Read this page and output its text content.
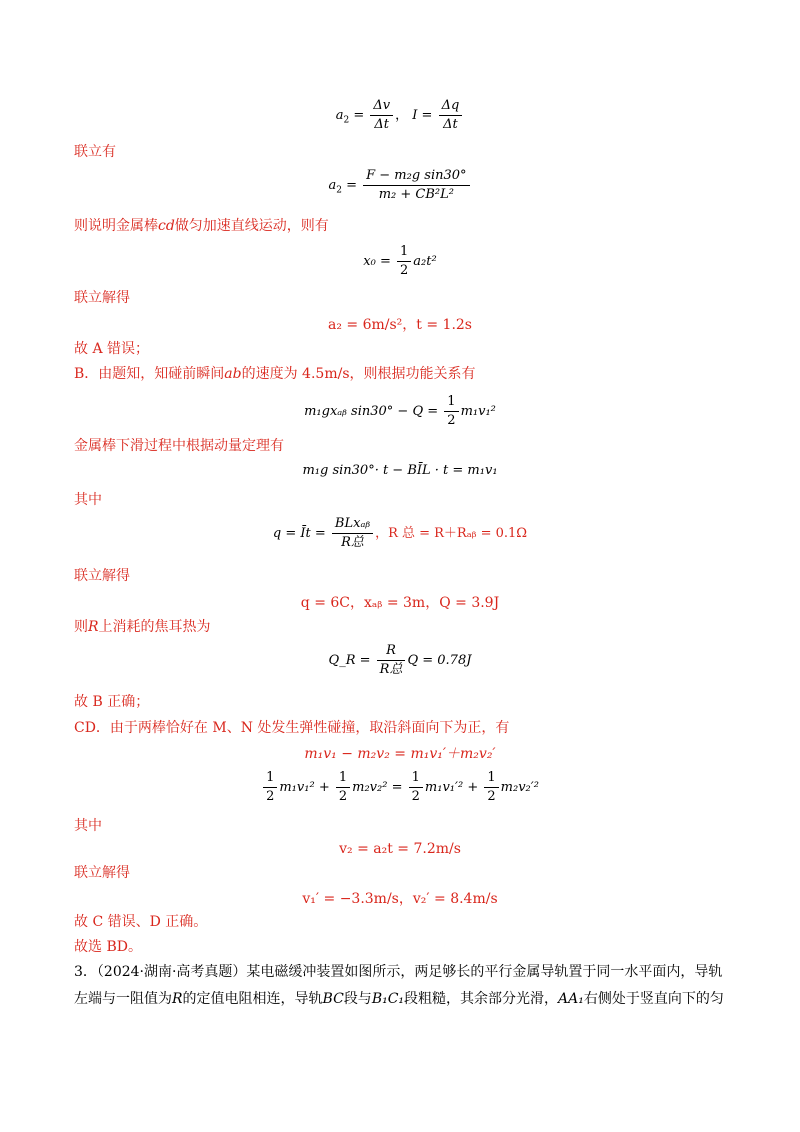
$a_2 = \frac{\Delta v}{\Delta t}$ ， $I = \frac{\Delta q}{\Delta t}$
联立有
$a_2 = \frac{\text{F − m₂g sin30°}}{\text{m₂ + CB²L²}}$
则说明金属棒cd做匀加速直线运动，则有
$x_0 = \frac{1}{2} a_2t^2$
联立解得
a₂ = 6m/s²，t = 1.2s
故 A 错误；
B．由题知，知碰前瞬间ab的速度为 4.5m/s，则根据功能关系有
m₁gxₐᵦ $\sin 30^\circ - Q = \frac{1}{2} m_1v_1^2$
金属棒下滑过程中根据动量定理有
m₁g sin30°· t − BĪL · t = m₁v₁
其中
q = Īt = $\frac{\text{BLxₐᵦ}}{\text{R总}}$ ，R 总 = R＋Rₐᵦ = 0.1Ω
联立解得
q = 6C，xₐᵦ = 3m，Q = 3.9J
则R上消耗的焦耳热为
Q_R = $\frac{R}{\text{R总}}$ Q = 0.78J
故 B 正确；
CD．由于两棒恰好在 M、N 处发生弹性碰撞，取沿斜面向下为正，有
m₁v₁ − m₂v₂ = m₁v₁′＋m₂v₂′
$\frac{1}{2} m_1v_1^2 + \frac{1}{2} m_2v_2^2 = \frac{1}{2} m_1v_1'^2 + \frac{1}{2} m_2v_2'^2$
其中
v₂ = a₂t = 7.2m/s
联立解得
v₁′ = −3.3m/s，v₂′ = 8.4m/s
故 C 错误、D 正确。
故选 BD。
3．（2024·湖南·高考真题）某电磁缓冲装置如图所示，两足够长的平行金属导轨置于同一水平面内，导轨
左端与一阻值为R的定值电阻相连，导轨BC段与B₁C₁段粗糙，其余部分光滑，AA₁右侧处于竖直向下的匀
